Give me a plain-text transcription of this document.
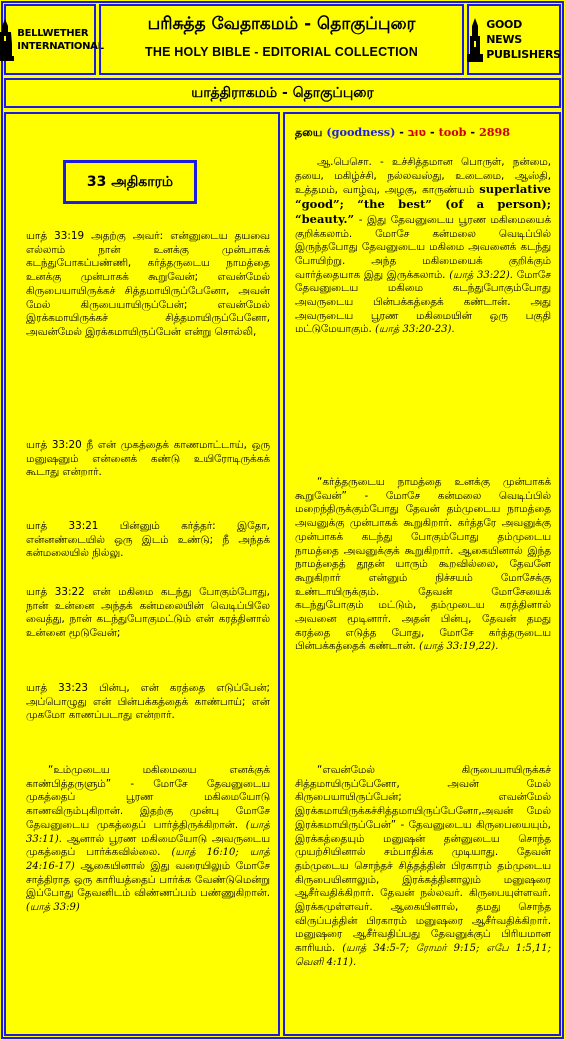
BELLWETHER
INTERNATIONAL
பரிசுத்த வேதாகமம் - தொகுப்புரை
THE HOLY BIBLE - EDITORIAL COLLECTION
GOOD NEWS
PUBLISHERS
யாத்திராகமம் - தொகுப்புரை
33 அதிகாரம்

யாத் 33:19 அதற்கு அவர்: என்னுடைய தயவை எல்லாம் நான் உனக்கு முன்பாகக் கடந்துபோகப்பண்ணி, கர்த்தருடைய நாமத்தை உனக்கு முன்பாகக் கூறுவேன்; எவன்மேல் கிருபையாயிருக்கச் சித்தமாயிருப்பேனோ, அவன் மேல் கிருபையாயிருப்பேன்; எவன்மேல் இரக்கமாயிருக்கச் சித்தமாயிருப்பேனோ, அவன்மேல் இரக்கமாயிருப்பேன் என்று சொல்லி,

யாத் 33:20 நீ என் முகத்தைக் காணமாட்டாய், ஒரு மனுஷனும் என்னைக் கண்டு உயிரோடிருக்கக் கூடாது என்றார்.

யாத் 33:21 பின்னும் கர்த்தர்: இதோ, என்னண்டையில் ஒரு இடம் உண்டு; நீ அந்தக் கன்மலையில் நில்லு.

யாத் 33:22 என் மகிமை கடந்து போகும்போது, நான் உன்னை அந்தக் கன்மலையின் வெடிப்பிலே வைத்து, நான் கடந்துபோகுமட்டும் என் கரத்தினால் உன்னை மூடுவேன்;

யாத் 33:23 பின்பு, என் கரத்தை எடுப்பேன்; அப்பொழுது என் பின்பக்கத்தைக் காண்பாய்; என் முகமோ காணப்படாது என்றார்.

“உம்முடைய மகிமையை எனக்குக் காண்பித்தருளும்” - மோசே தேவனுடைய முகத்தைப் பூரண மகிமையோடு காணவிரும்புகிறான். இதற்கு முன்பு மோசே தேவனுடைய முகத்தைப் பார்த்திருக்கிறான். (யாத் 33:11). ஆனால் பூரண மகிமையோடு அவருடைய முகத்தைப் பார்க்கவில்லை. (யாத் 16:10; யாத் 24:16-17) ஆகையினால் இது வரையிலும் மோசே சாத்திராத ஒரு காரியத்தைப் பார்க்க வேண்டுமென்று இப்போது தேவனிடம் விண்ணப்பம் பண்ணுகிறான். (யாத் 33:9)

தயை (goodness) - טוּב - toob - 2898

ஆ.பெசொ. - உச்சித்தமான பொருள், நன்மை, தயை, மகிழ்ச்சி, நல்லவஸ்து, உடைமை, ஆஸ்தி, உத்தமம், வாழ்வு, அழகு, காருண்யம் superlative “good”; “the best” (of a person); “beauty.” - இது தேவனுடைய பூரண மகிமையைக் குறிக்கலாம். மோசே கன்மலை வெடிப்பில் இருந்தபோது தேவனுடைய மகிமை அவனைக் கடந்து போயிற்று. அந்த மகிமையைக் குறிக்கும் வார்த்தையாக இது இருக்கலாம். (யாத் 33:22). மோசே தேவனுடைய மகிமை கடந்துபோகும்போது அவருடைய பின்பக்கத்தைக் கண்டான். அது அவருடைய பூரண மகிமையின் ஒரு பகுதி மட்டுமேயாகும். (யாத் 33:20-23).

“கர்த்தருடைய நாமத்தை உனக்கு முன்பாகக் கூறுவேன்” - மோசே கன்மலை வெடிப்பில் மறைந்திருக்கும்போது தேவன் தம்முடைய நாமத்தை அவனுக்கு முன்பாகக் கூறுகிறார். கர்த்தரே அவனுக்கு முன்பாகக் கடந்து போகும்போது தம்முடைய நாமத்தை அவனுக்குக் கூறுகிறார். ஆகையினால் இந்த நாமத்தைத் தூதன் யாரும் கூறவில்லை, தேவனே கூறுகிறார் என்னும் நிச்சயம் மோசேக்கு உண்டாயிருக்கும். தேவன் மோசேயைக் கடந்துபோகும் மட்டும், தம்முடைய கரத்தினால் அவனை மூடினார். அதன் பின்பு, தேவன் தமது கரத்தை எடுத்த போது, மோசே கர்த்தருடைய பின்பக்கத்தைக் கண்டான். (யாத் 33:19,22).

“எவன்மேல் கிருபையாயிருக்கச் சித்தமாயிருப்பேனோ, அவன் மேல் கிருபையாயிருப்பேன்; எவன்மேல் இரக்கமாயிருக்கச்சித்தமாயிருப்பேனோ,அவன் மேல் இரக்கமாயிருப்பேன்” - தேவனுடைய கிருபையையும், இரக்கத்தையும் மனுஷன் தன்னுடைய சொந்த முயற்சியினால் சம்பாதிக்க முடியாது. தேவன் தம்முடைய சொந்தச் சித்தத்தின் பிரகாரம் தம்முடைய கிருபையினாலும், இரக்கத்தினாலும் மனுஷரை ஆசீர்வதிக்கிறார். தேவன் நல்லவர். கிருபையுள்ளவர். இரக்கமுள்ளவர். ஆகையினால், தமது சொந்த விருப்பத்தின் பிரகாரம் மனுஷரை ஆசீர்வதிக்கிறார். மனுஷரை ஆசீர்வதிப்பது தேவனுக்குப் பிரியமான காரியம். (யாத் 34:5-7; ரோமர் 9:15; எபே 1:5,11; வெளி 4:11).
